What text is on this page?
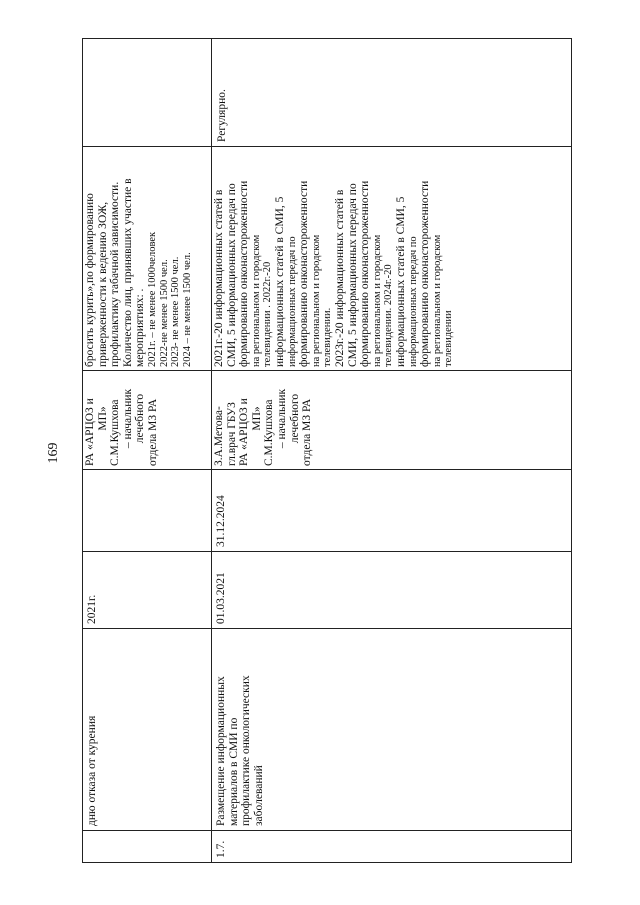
169

дню отказа от курения

2021г.

РА «АРЦОЗ и МП» С.М.Кушхова – начальник лечебного отдела МЗ РА

бросить курить»,по формированию приверженности к ведению ЗОЖ, профилактику табачной зависимости. Количество лиц, принявших участие в мероприятиях: . 2021г. – не менее 1000человек 2022-не менее 1500 чел. 2023- не менее 1500 чел. 2024 – не менее 1500 чел.

Регулярно.

1.7.

Размещение информационных материалов в СМИ по профилактике онкологических заболеваний

01.03.2021

31.12.2024

З.А.Метова- гл.врач ГБУЗ РА «АРЦОЗ и МП» С.М.Кушхова – начальник лечебного отдела МЗ РА

2021г.-20 информационных статей в СМИ, 5 информационных передач по формированию онконастороженности на региональном и городском телевидении . 2022г.-20 информационных статей в СМИ, 5 информационных передач по формированию онконастороженности на региональном и городском телевидении. 2023г.-20 информационных статей в СМИ, 5 информационных передач по формированию онконастороженности на региональном и городском телевидении. 2024г.-20 информационных статей в СМИ, 5 информационных передач по формированию онконастороженности на региональном и городском телевидении
